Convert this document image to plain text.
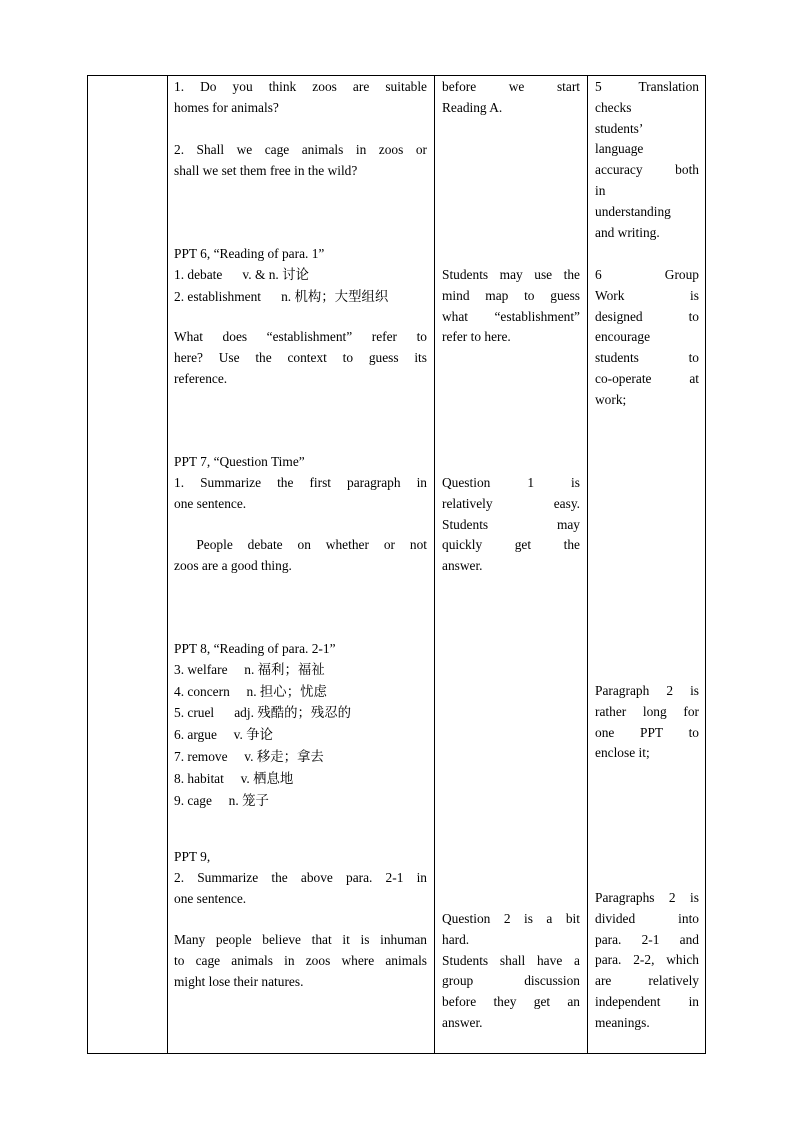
1. Do you think zoos are suitable
homes for animals?
2. Shall we cage animals in zoos or
shall we set them free in the wild?
PPT 6, “Reading of para. 1”
1. debate      v. & n. 讨论
2. establishment      n. 机构；大型组织
What does “establishment” refer to
here? Use the context to guess its
reference.
PPT 7, “Question Time”
1. Summarize the first paragraph in
one sentence.
People  debate  on  whether  or  not
zoos are a good thing.
PPT 8, “Reading of para. 2-1”
3. welfare     n. 福利；福祉
4. concern     n. 担心；忧虑
5. cruel      adj. 残酷的；残忍的
6. argue     v. 争论
7. remove     v. 移走；拿去
8. habitat     v. 栖息地
9. cage     n. 笼子
PPT 9,
2. Summarize the above para. 2-1 in
one sentence.
Many people believe that it is inhuman
to cage animals in zoos where animals
might lose their natures.
before we start
Reading A.
Students may use the
mind map to guess
what “establishment”
refer to here.
Question 1 is
relatively easy.
Students may
quickly get the
answer.
Question 2 is a bit
hard.
Students shall have a
group discussion
before they get an
answer.
5 Translation
checks
students’
language
accuracy both
in
understanding
and writing.
6 Group
Work is
designed to
encourage
students to
co-operate at
work;
Paragraph 2 is
rather long for
one PPT to
enclose it;
Paragraphs 2 is
divided into
para. 2-1 and
para. 2-2, which
are relatively
independent in
meanings.
